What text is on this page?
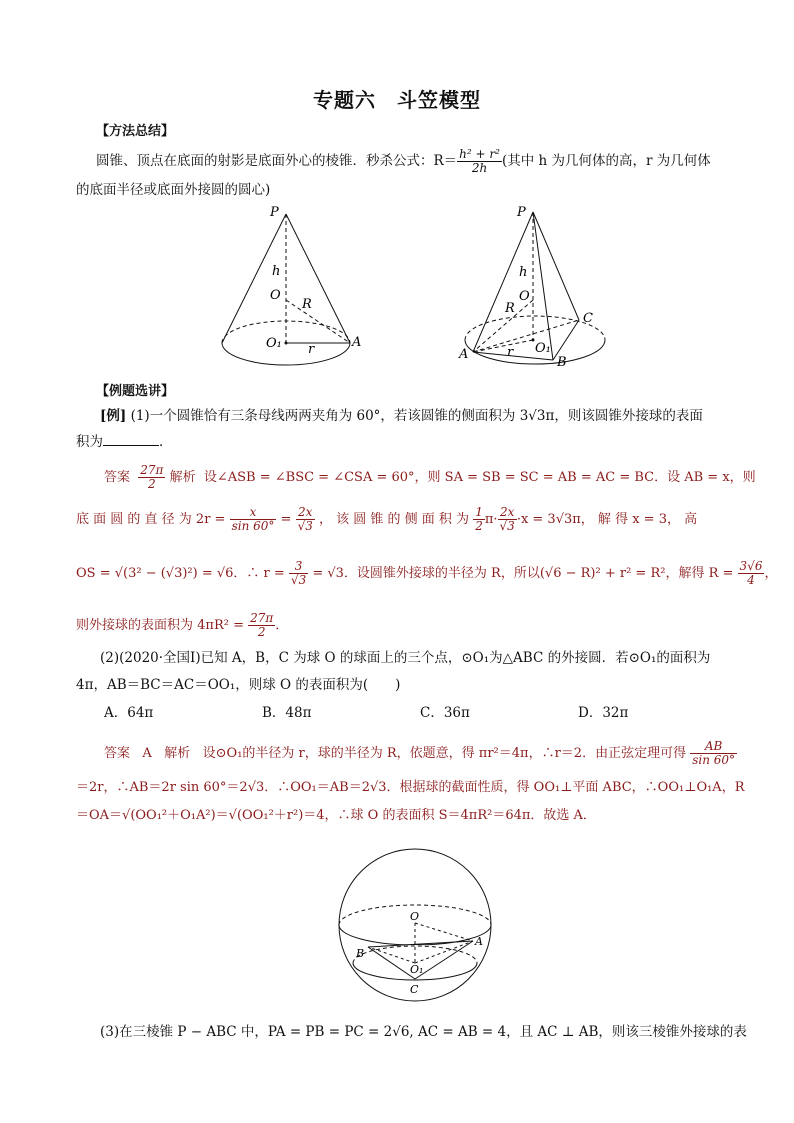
专题六　斗笠模型
【方法总结】
圆锥、顶点在底面的射影是底面外心的棱锥．秒杀公式：$R= \frac{\text{h² + r²}}{2h}$ (其中 h 为几何体的高，r 为几何体
的底面半径或底面外接圆的圆心)
P
h
O
R
O₁ r	A
P
h
O
R
C
A	r O₁
B
【例题选讲】
[例] (1)一个圆锥恰有三条母线两两夹角为 60°，若该圆锥的侧面积为 3√3π，则该圆锥外接球的表面
积为	．
答案 $\frac{27\pi}{2}$ 解析 设∠ASB = ∠BSC = ∠CSA = 60°，则 SA = SB = SC = AB = AC = BC．设 AB = x，则
底 面 圆 的 直 径 为 $2r = \frac{x}{\sin 60^\circ} = \frac{2x}{√3}$ ， 该 圆 锥 的 侧 面 积 为 $\frac{1}{2} \pi\cdot \frac{2x}{√3} \cdot x = 3√3\pi$， 解 得 x = 3， 高
OS = √(3² − (√3)²) = √6．∴ $r = \frac{3}{√3} = √3$．设圆锥外接球的半径为 R，所以(√6 − R)² + r² = R²，解得 $R = \frac{3√6}{4}$ ，
则外接球的表面积为 $4\pi R^2 = \frac{27\pi}{2}$ ．
(2)(2020·全国Ⅰ)已知 A，B，C 为球 O 的球面上的三个点，⊙O₁为△ABC 的外接圆．若⊙O₁的面积为
4π，AB＝BC＝AC＝OO₁，则球 O 的表面积为(　　)
A．64π	B．48π	C．36π	D．32π
答案 A 解析 设⊙O₁的半径为 r，球的半径为 R，依题意，得 πr²＝4π，∴r＝2．由正弦定理可得 $\frac{AB}{\sin 60^\circ}$
＝2r，∴AB＝2r sin 60°＝2√3．∴OO₁＝AB＝2√3．根据球的截面性质，得 OO₁⊥平面 ABC，∴OO₁⊥O₁A，R
＝OA＝√(OO₁²＋O₁A²)＝√(OO₁²＋r²)＝4，∴球 O 的表面积 S＝4πR²＝64π．故选 A．
O
A
B
O₁
C
(3)在三棱锥 P − ABC 中，PA = PB = PC = 2√6, AC = AB = 4，且 AC ⊥ AB，则该三棱锥外接球的表
